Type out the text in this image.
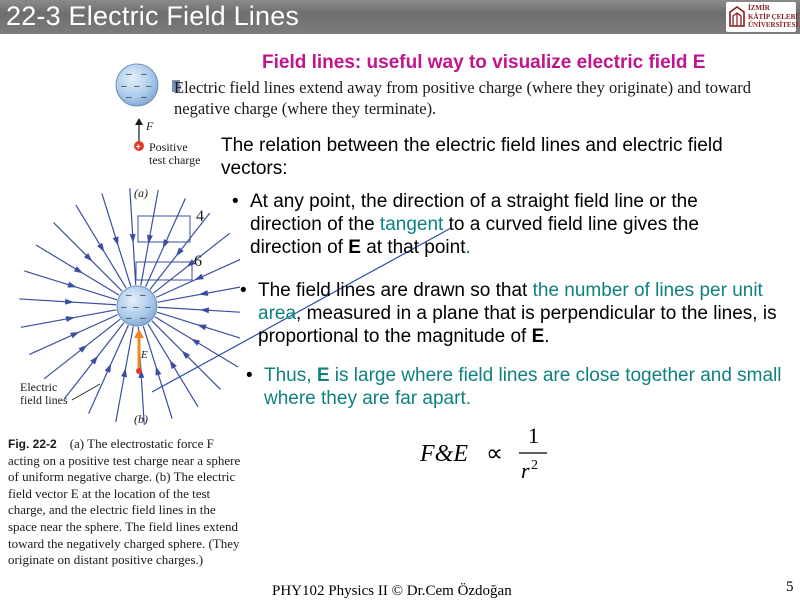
22-3 Electric Field Lines	İZMİR
KÂTİP ÇELEBİ
ÜNİVERSİTESİ
Field lines: useful way to visualize electric field E
Electric field lines extend away from positive charge (where they originate) and toward negative charge (where they terminate).
– –
– – –
– –
+
– –
– – –
– –
F
Positive
test charge
(a)
4
6
E
Electric
field lines
(b)
Fig. 22-2 (a) The electrostatic force F acting on a positive test charge near a sphere of uniform negative charge. (b) The electric field vector E at the location of the test charge, and the electric field lines in the space near the sphere. The field lines extend toward the negatively charged sphere. (They originate on distant positive charges.)
The relation between the electric field lines and electric field vectors:
• At any point, the direction of a straight field line or the direction of the tangent to a curved field line gives the direction of E at that point.
• The field lines are drawn so that the number of lines per unit area, measured in a plane that is perpendicular to the lines, is proportional to the magnitude of E.
• Thus, E is large where field lines are close together and small where they are far apart.
F&E ∝
1
r 2
PHY102 Physics II © Dr.Cem Özdoğan	5
